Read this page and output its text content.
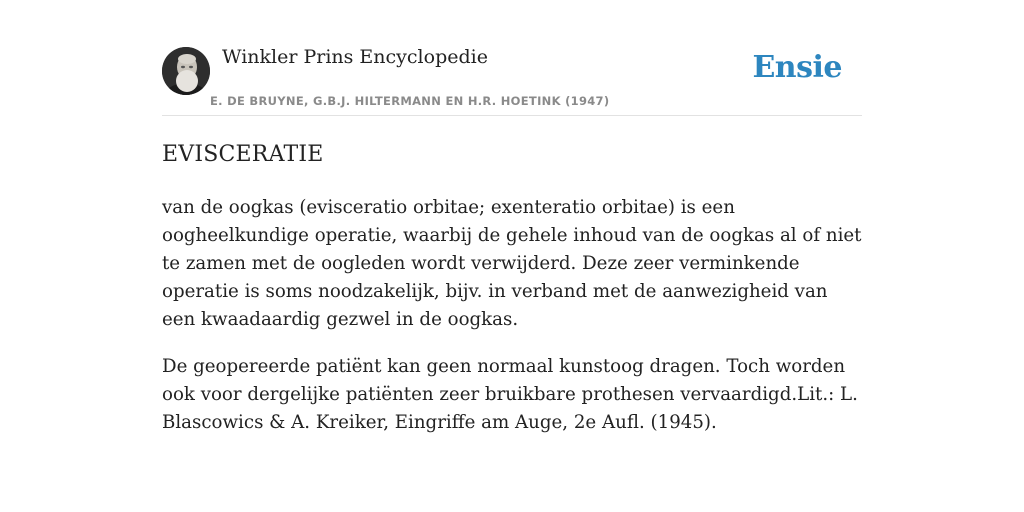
Winkler Prins Encyclopedie
E. DE BRUYNE, G.B.J. HILTERMANN EN H.R. HOETINK (1947)
Ensie
EVISCERATIE

van de oogkas (evisceratio orbitae; exenteratio orbitae) is een oogheelkundige operatie, waarbij de gehele inhoud van de oogkas al of niet te zamen met de oogleden wordt verwijderd. Deze zeer verminkende operatie is soms noodzakelijk, bijv. in verband met de aanwezigheid van een kwaadaardig gezwel in de oogkas.

De geopereerde patiënt kan geen normaal kunstoog dragen. Toch worden ook voor dergelijke patiënten zeer bruikbare prothesen vervaardigd.Lit.: L. Blascowics & A. Kreiker, Eingriffe am Auge, 2e Aufl. (1945).
